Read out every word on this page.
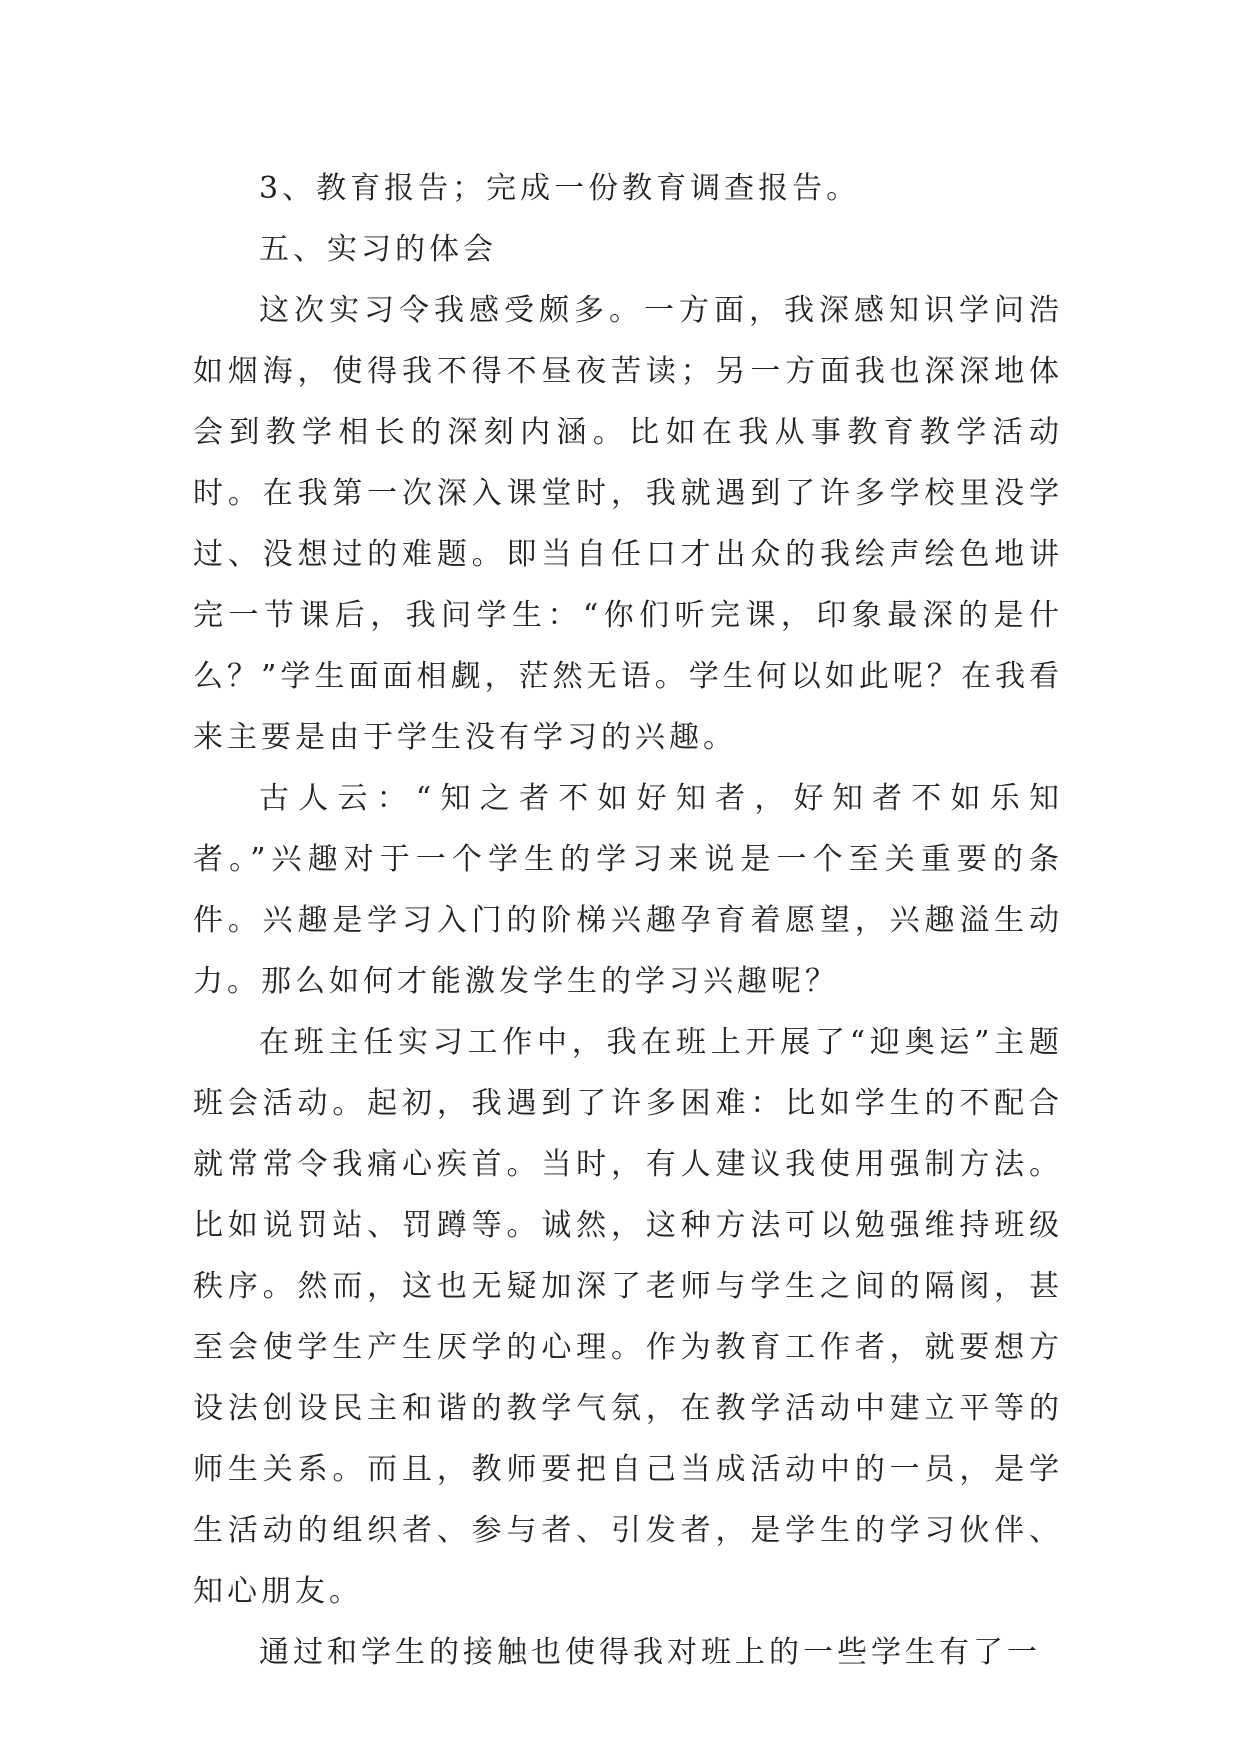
3、教育报告；完成一份教育调查报告。

五、实习的体会

这次实习令我感受颇多。一方面，我深感知识学问浩如烟海，使得我不得不昼夜苦读；另一方面我也深深地体会到教学相长的深刻内涵。比如在我从事教育教学活动时。在我第一次深入课堂时，我就遇到了许多学校里没学过、没想过的难题。即当自任口才出众的我绘声绘色地讲完一节课后，我问学生：“你们听完课，印象最深的是什么？”学生面面相觑，茫然无语。学生何以如此呢？在我看来主要是由于学生没有学习的兴趣。

古人云：“知之者不如好知者，好知者不如乐知者。”兴趣对于一个学生的学习来说是一个至关重要的条件。兴趣是学习入门的阶梯兴趣孕育着愿望，兴趣溢生动力。那么如何才能激发学生的学习兴趣呢？

在班主任实习工作中，我在班上开展了“迎奥运”主题班会活动。起初，我遇到了许多困难：比如学生的不配合就常常令我痛心疾首。当时，有人建议我使用强制方法。比如说罚站、罚蹲等。诚然，这种方法可以勉强维持班级秩序。然而，这也无疑加深了老师与学生之间的隔阂，甚至会使学生产生厌学的心理。作为教育工作者，就要想方设法创设民主和谐的教学气氛，在教学活动中建立平等的师生关系。而且，教师要把自己当成活动中的一员，是学生活动的组织者、参与者、引发者，是学生的学习伙伴、知心朋友。

通过和学生的接触也使得我对班上的一些学生有了一
